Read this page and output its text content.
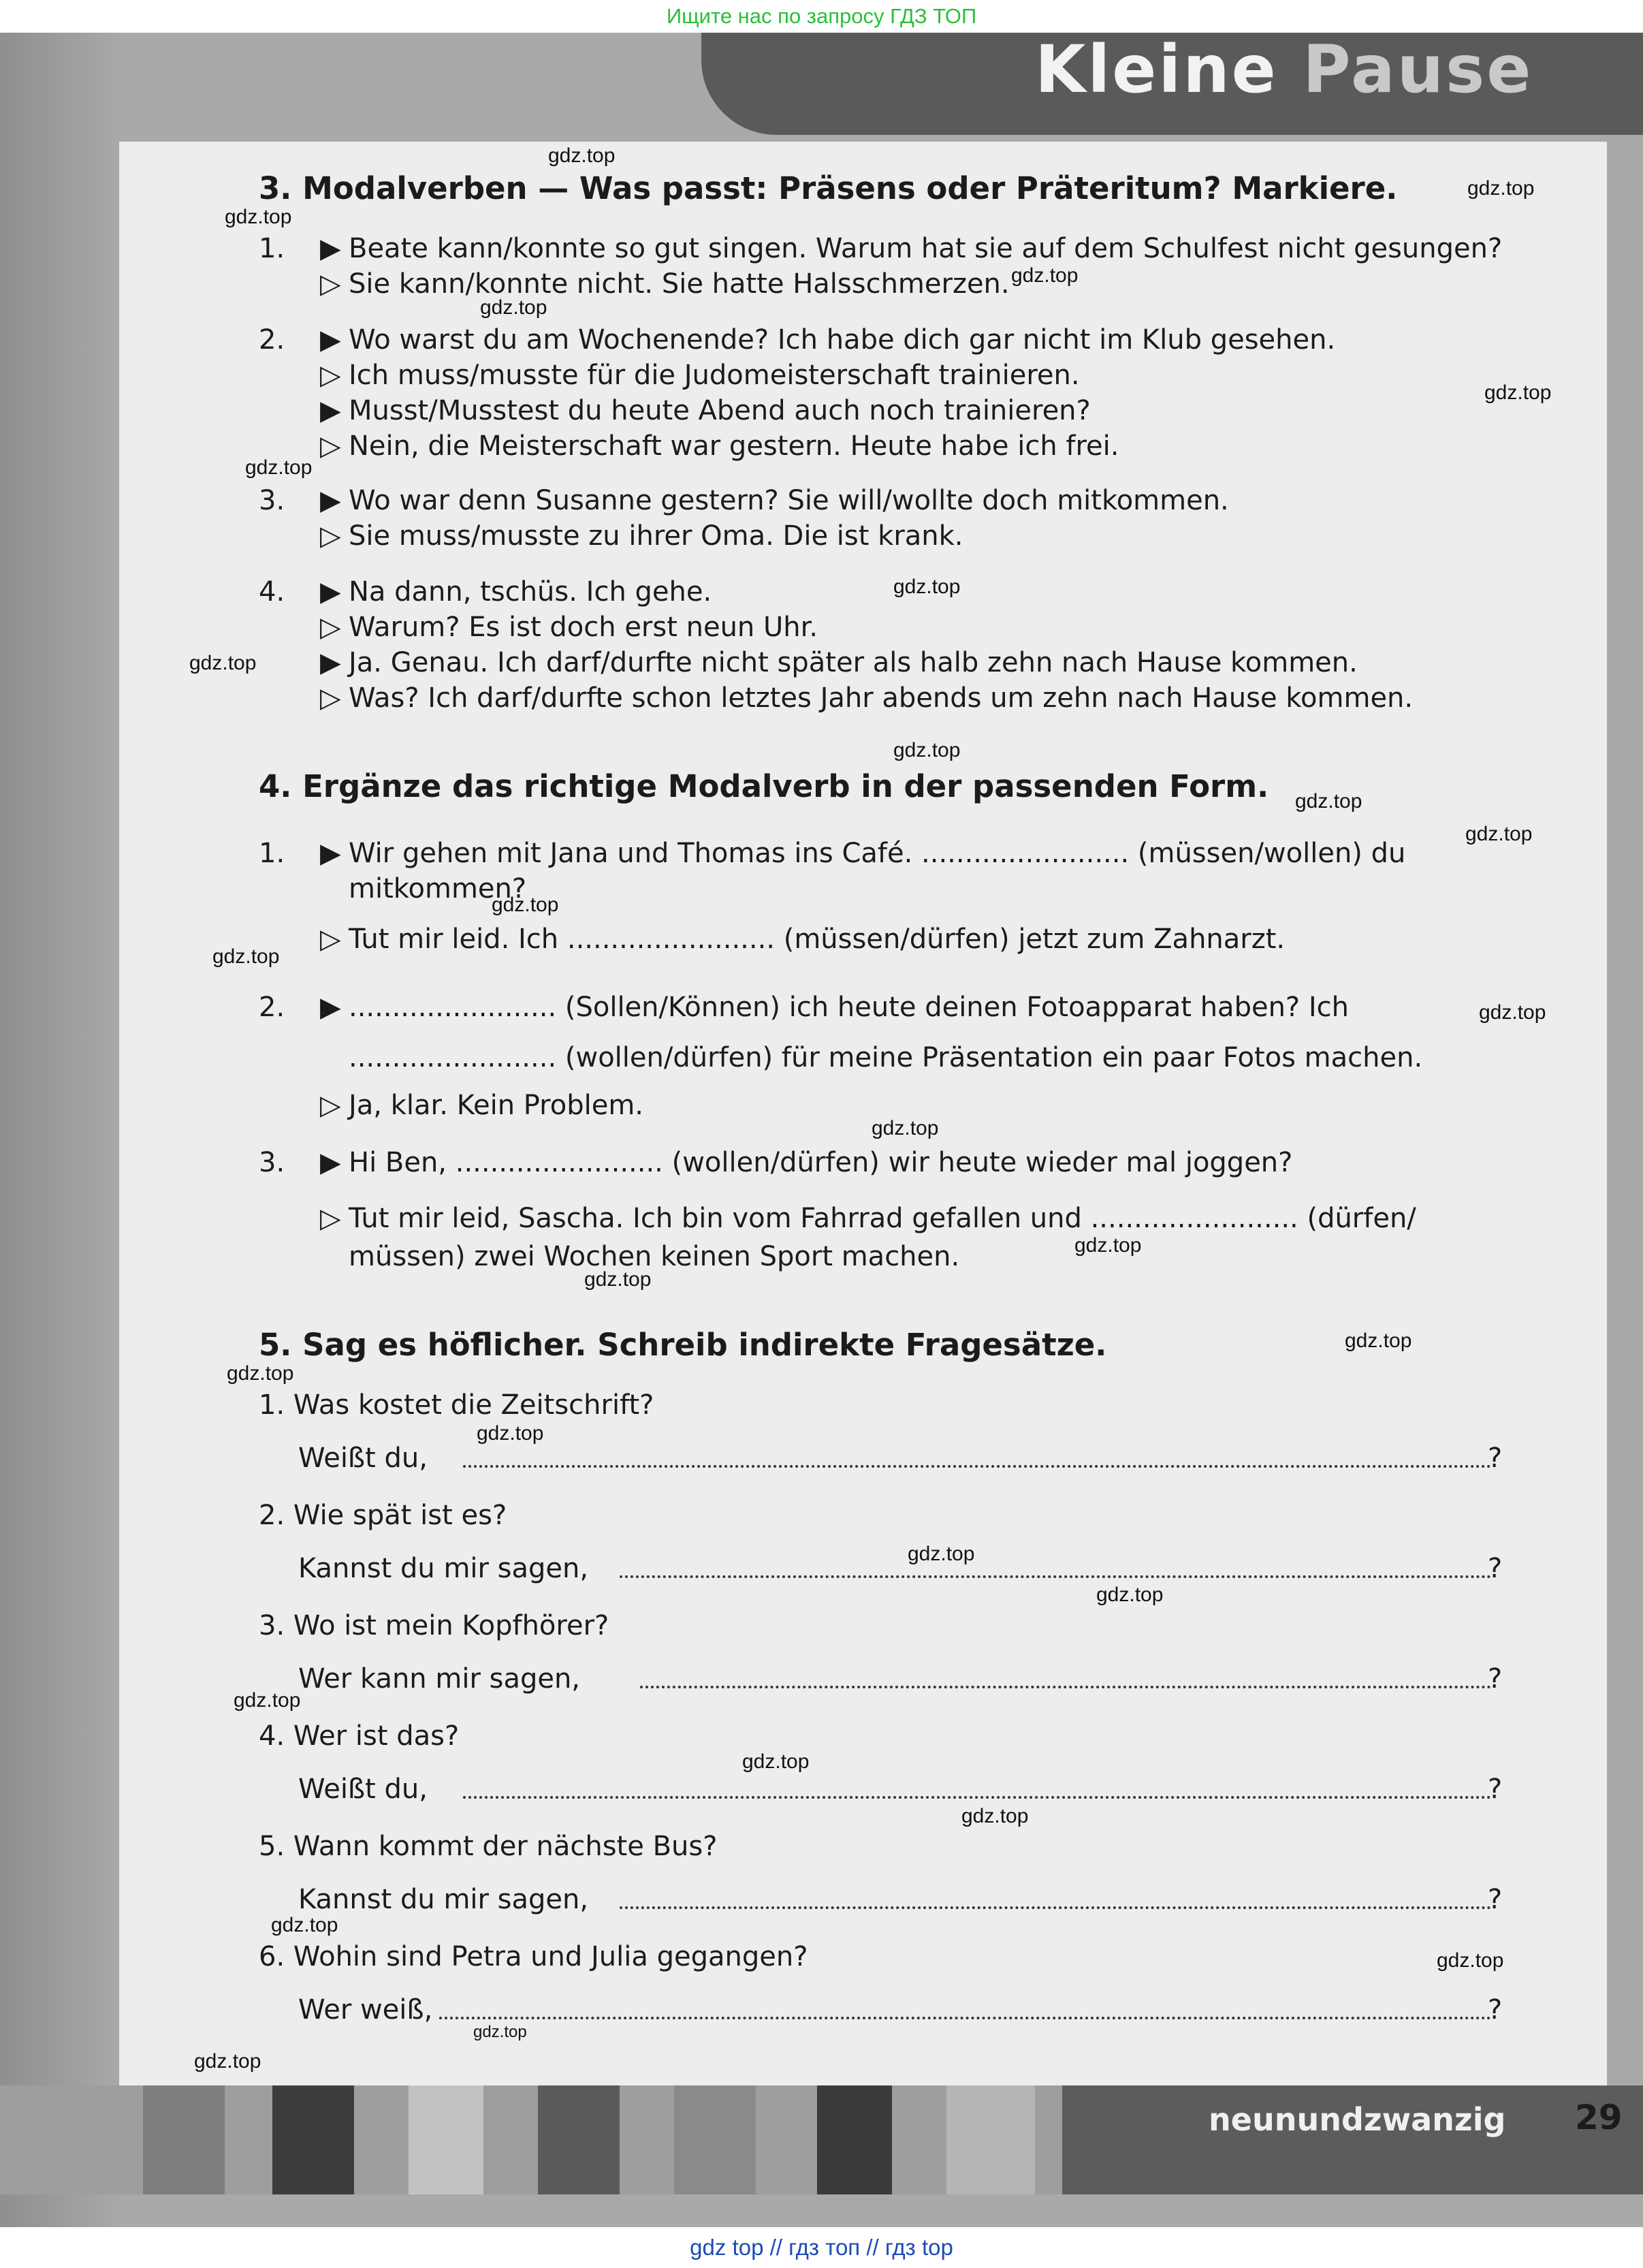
Ищите нас по запросу ГДЗ ТОП
Kleine Pause
3. Modalverben — Was passt: Präsens oder Präteritum? Markiere.
1. ▶ Beate kann/konnte so gut singen. Warum hat sie auf dem Schulfest nicht gesungen?
▷ Sie kann/konnte nicht. Sie hatte Halsschmerzen.
2. ▶ Wo warst du am Wochenende? Ich habe dich gar nicht im Klub gesehen.
▷ Ich muss/musste für die Judomeisterschaft trainieren.
▶ Musst/Musstest du heute Abend auch noch trainieren?
▷ Nein, die Meisterschaft war gestern. Heute habe ich frei.
3. ▶ Wo war denn Susanne gestern? Sie will/wollte doch mitkommen.
▷ Sie muss/musste zu ihrer Oma. Die ist krank.
4. ▶ Na dann, tschüs. Ich gehe.
▷ Warum? Es ist doch erst neun Uhr.
▶ Ja. Genau. Ich darf/durfte nicht später als halb zehn nach Hause kommen.
▷ Was? Ich darf/durfte schon letztes Jahr abends um zehn nach Hause kommen.
4. Ergänze das richtige Modalverb in der passenden Form.
1. ▶ Wir gehen mit Jana und Thomas ins Café. ........................ (müssen/wollen) du
mitkommen?
▷ Tut mir leid. Ich ........................ (müssen/dürfen) jetzt zum Zahnarzt.
2. ▶ ........................ (Sollen/Können) ich heute deinen Fotoapparat haben? Ich
........................ (wollen/dürfen) für meine Präsentation ein paar Fotos machen.
▷ Ja, klar. Kein Problem.
3. ▶ Hi Ben, ........................ (wollen/dürfen) wir heute wieder mal joggen?
▷ Tut mir leid, Sascha. Ich bin vom Fahrrad gefallen und ........................ (dürfen/
müssen) zwei Wochen keinen Sport machen.
5. Sag es höflicher. Schreib indirekte Fragesätze.
1. Was kostet die Zeitschrift?
Weißt du,	?
2. Wie spät ist es?
Kannst du mir sagen,	?
3. Wo ist mein Kopfhörer?
Wer kann mir sagen,	?
4. Wer ist das?
Weißt du,	?
5. Wann kommt der nächste Bus?
Kannst du mir sagen,	?
6. Wohin sind Petra und Julia gegangen?
Wer weiß,	?
gdz.top
gdz.top
gdz.top
gdz.top
gdz.top
gdz.top
gdz.top
gdz.top
gdz.top
gdz.top
gdz.top
gdz.top
gdz.top
gdz.top
gdz.top
gdz.top
gdz.top
gdz.top
gdz.top
gdz.top
gdz.top
gdz.top
gdz.top
gdz.top
gdz.top
gdz.top
gdz.top
gdz.top
gdz.top
gdz.top
neunundzwanzig 29
gdz top // гдз топ // гдз top
